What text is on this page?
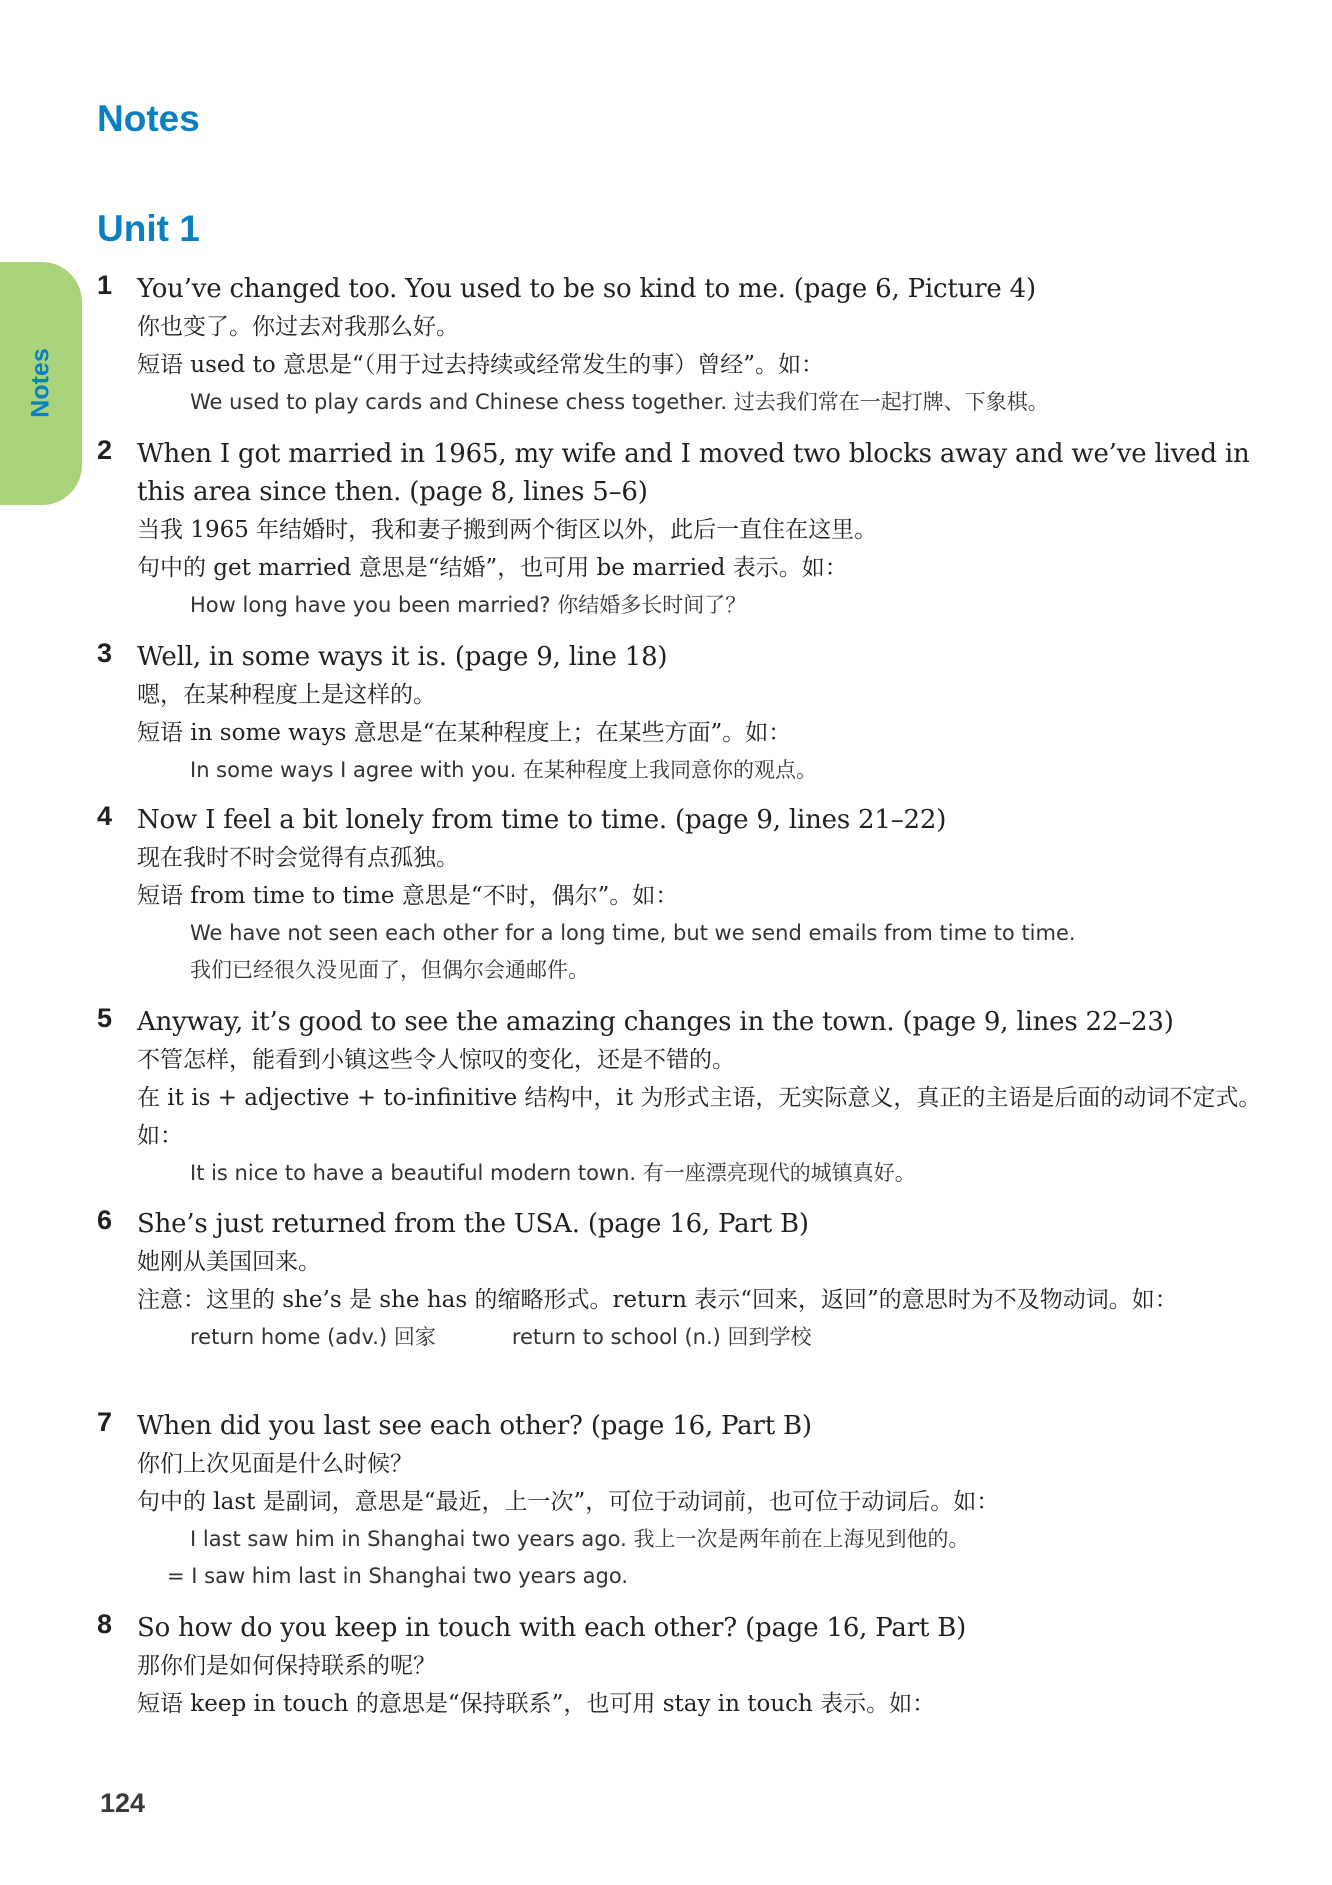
Notes
Notes
Unit 1
1 You’ve changed too. You used to be so kind to me. (page 6, Picture 4)
你也变了。你过去对我那么好。
短语 used to 意思是“（用于过去持续或经常发生的事）曾经”。如：
We used to play cards and Chinese chess together. 过去我们常在一起打牌、下象棋。
2 When I got married in 1965, my wife and I moved two blocks away and we’ve lived in this area since then. (page 8, lines 5–6)
当我 1965 年结婚时，我和妻子搬到两个街区以外，此后一直住在这里。
句中的 get married 意思是“结婚”，也可用 be married 表示。如：
How long have you been married? 你结婚多长时间了？
3 Well, in some ways it is. (page 9, line 18)
嗯，在某种程度上是这样的。
短语 in some ways 意思是“在某种程度上；在某些方面”。如：
In some ways I agree with you. 在某种程度上我同意你的观点。
4 Now I feel a bit lonely from time to time. (page 9, lines 21–22)
现在我时不时会觉得有点孤独。
短语 from time to time 意思是“不时，偶尔”。如：
We have not seen each other for a long time, but we send emails from time to time.
我们已经很久没见面了，但偶尔会通邮件。
5 Anyway, it’s good to see the amazing changes in the town. (page 9, lines 22–23)
不管怎样，能看到小镇这些令人惊叹的变化，还是不错的。
在 it is + adjective + to-infinitive 结构中，it 为形式主语，无实际意义，真正的主语是后面的动词不定式。如：
It is nice to have a beautiful modern town. 有一座漂亮现代的城镇真好。
6 She’s just returned from the USA. (page 16, Part B)
她刚从美国回来。
注意：这里的 she’s 是 she has 的缩略形式。return 表示“回来，返回”的意思时为不及物动词。如：
return home (adv.) 回家	return to school (n.) 回到学校
7 When did you last see each other? (page 16, Part B)
你们上次见面是什么时候？
句中的 last 是副词，意思是“最近，上一次”，可位于动词前，也可位于动词后。如：
I last saw him in Shanghai two years ago. 我上一次是两年前在上海见到他的。
= I saw him last in Shanghai two years ago.
8 So how do you keep in touch with each other? (page 16, Part B)
那你们是如何保持联系的呢？
短语 keep in touch 的意思是“保持联系”，也可用 stay in touch 表示。如：
124
